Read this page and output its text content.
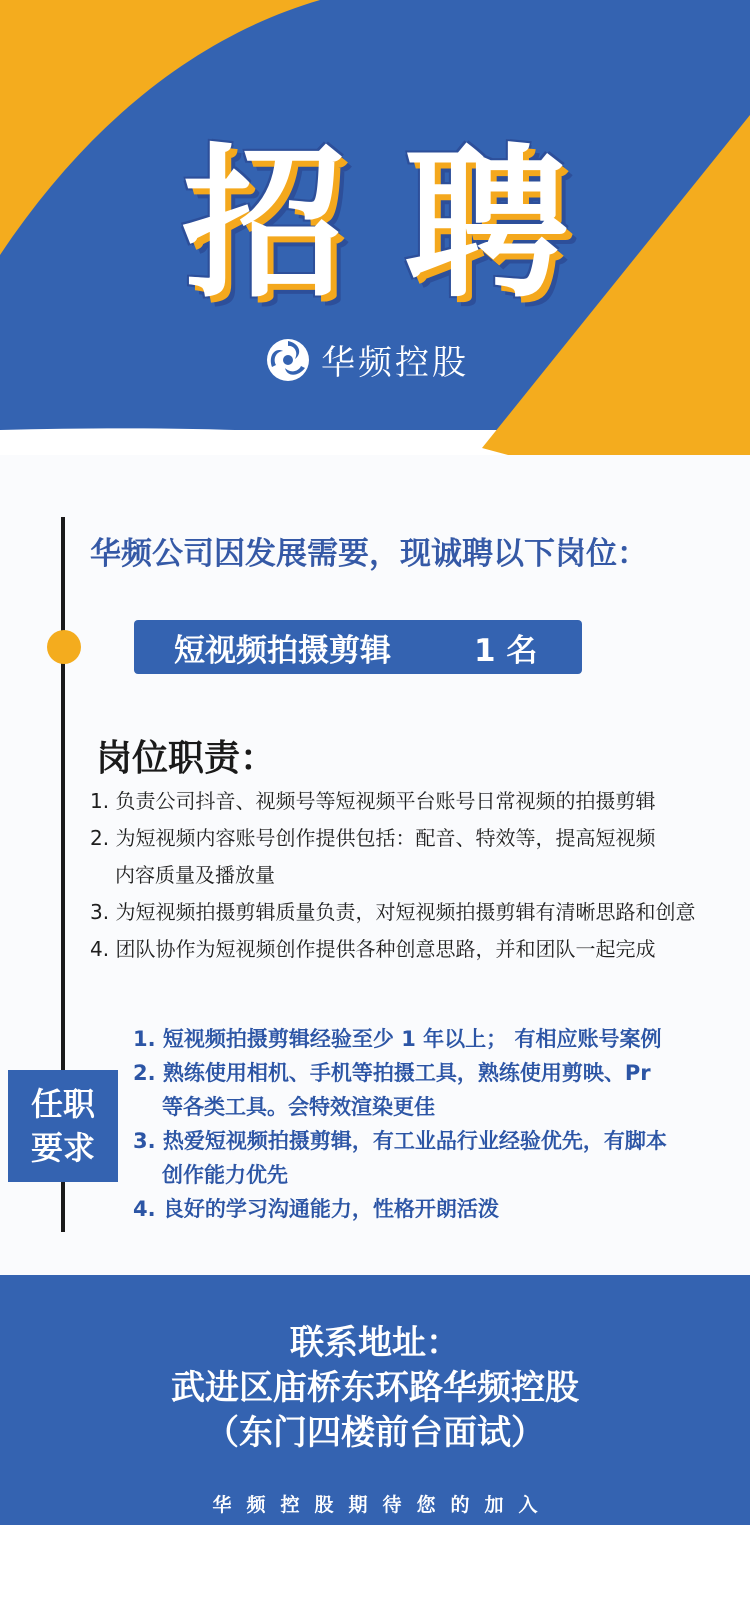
招聘
华频控股
华频公司因发展需要，现诚聘以下岗位：
短视频拍摄剪辑	1 名
岗位职责：
1. 负责公司抖音、视频号等短视频平台账号日常视频的拍摄剪辑
2. 为短视频内容账号创作提供包括：配音、特效等，提高短视频
内容质量及播放量
3. 为短视频拍摄剪辑质量负责，对短视频拍摄剪辑有清晰思路和创意
4. 团队协作为短视频创作提供各种创意思路，并和团队一起完成
任职
要求
1. 短视频拍摄剪辑经验至少 1 年以上； 有相应账号案例
2. 熟练使用相机、手机等拍摄工具，熟练使用剪映、Pr
等各类工具。会特效渲染更佳
3. 热爱短视频拍摄剪辑，有工业品行业经验优先，有脚本
创作能力优先
4. 良好的学习沟通能力，性格开朗活泼
联系地址：
武进区庙桥东环路华频控股
（东门四楼前台面试）
华频控股期待您的加入
